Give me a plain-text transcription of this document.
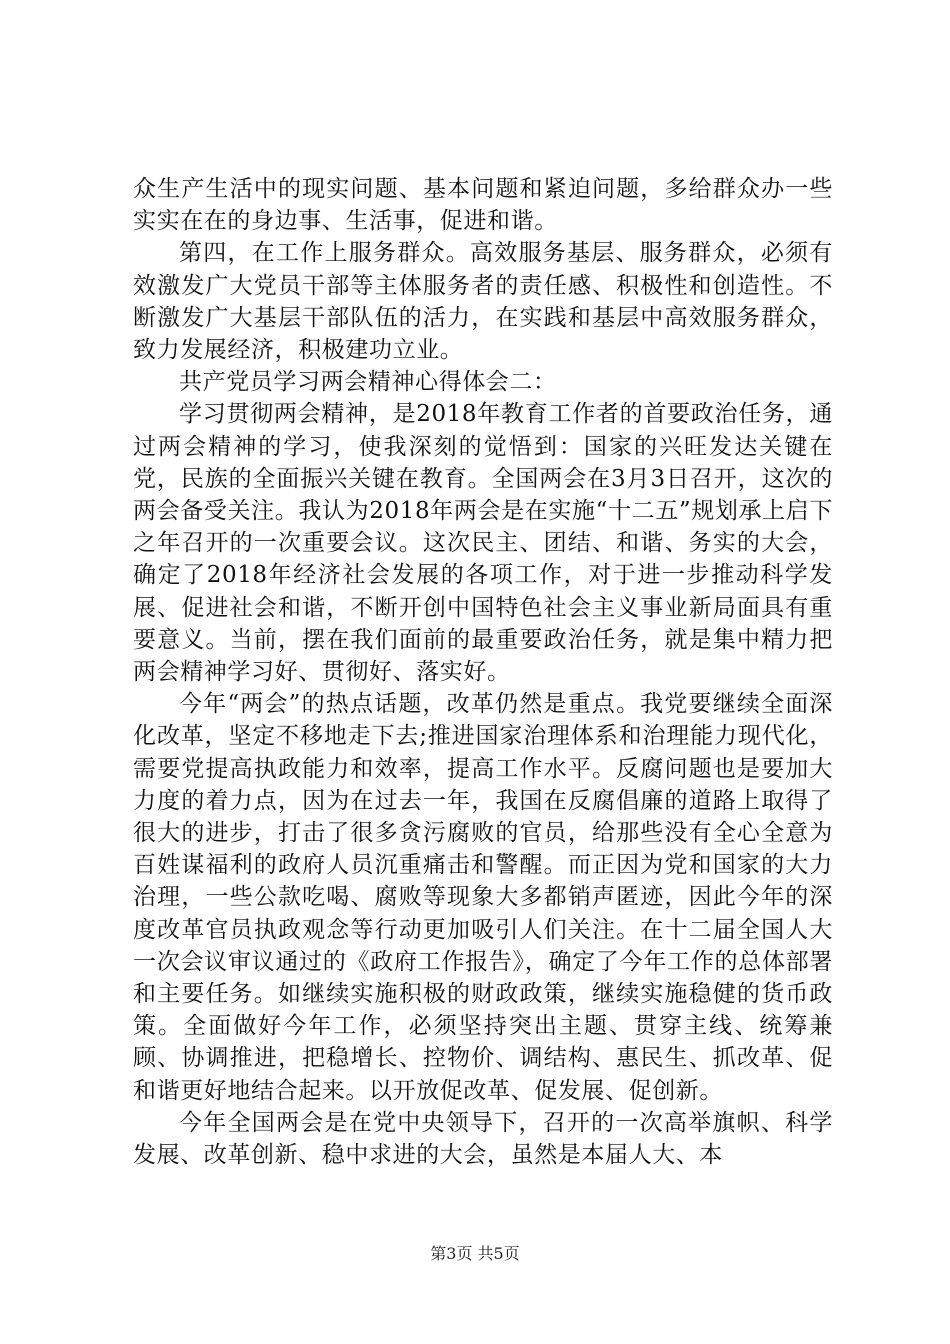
众生产生活中的现实问题、基本问题和紧迫问题，多给群众办一些实实在在的身边事、生活事，促进和谐。

第四，在工作上服务群众。高效服务基层、服务群众，必须有效激发广大党员干部等主体服务者的责任感、积极性和创造性。不断激发广大基层干部队伍的活力，在实践和基层中高效服务群众，致力发展经济，积极建功立业。

共产党员学习两会精神心得体会二：

学习贯彻两会精神，是2018年教育工作者的首要政治任务，通过两会精神的学习，使我深刻的觉悟到：国家的兴旺发达关键在党，民族的全面振兴关键在教育。全国两会在3月3日召开，这次的两会备受关注。我认为2018年两会是在实施“十二五”规划承上启下之年召开的一次重要会议。这次民主、团结、和谐、务实的大会，确定了2018年经济社会发展的各项工作，对于进一步推动科学发展、促进社会和谐，不断开创中国特色社会主义事业新局面具有重要意义。当前，摆在我们面前的最重要政治任务，就是集中精力把两会精神学习好、贯彻好、落实好。

今年“两会”的热点话题，改革仍然是重点。我党要继续全面深化改革，坚定不移地走下去;推进国家治理体系和治理能力现代化，需要党提高执政能力和效率，提高工作水平。反腐问题也是要加大力度的着力点，因为在过去一年，我国在反腐倡廉的道路上取得了很大的进步，打击了很多贪污腐败的官员，给那些没有全心全意为百姓谋福利的政府人员沉重痛击和警醒。而正因为党和国家的大力治理，一些公款吃喝、腐败等现象大多都销声匿迹，因此今年的深度改革官员执政观念等行动更加吸引人们关注。在十二届全国人大一次会议审议通过的《政府工作报告》，确定了今年工作的总体部署和主要任务。如继续实施积极的财政政策，继续实施稳健的货币政策。全面做好今年工作，必须坚持突出主题、贯穿主线、统筹兼顾、协调推进，把稳增长、控物价、调结构、惠民生、抓改革、促和谐更好地结合起来。以开放促改革、促发展、促创新。

今年全国两会是在党中央领导下，召开的一次高举旗帜、科学发展、改革创新、稳中求进的大会，虽然是本届人大、本

第3页 共5页
